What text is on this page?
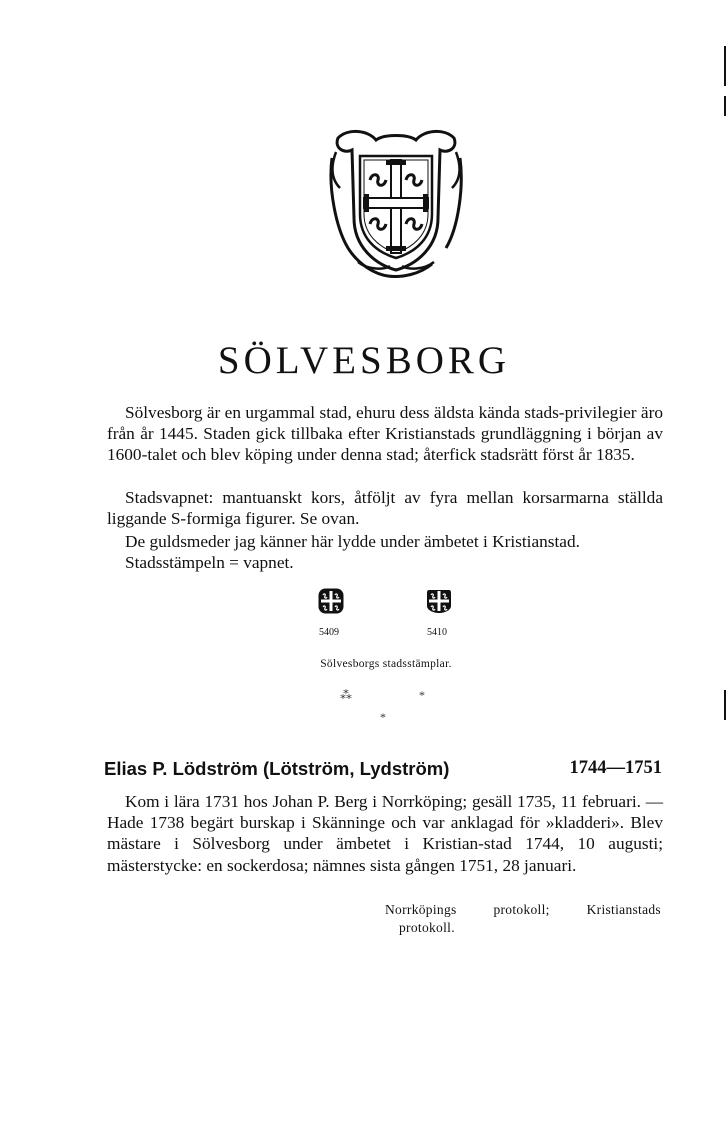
SÖLVESBORG

Sölvesborg är en urgammal stad, ehuru dess äldsta kända stads-privilegier äro från år 1445. Staden gick tillbaka efter Kristianstads grundläggning i början av 1600-talet och blev köping under denna stad; återfick stadsrätt först år 1835.

Stadsvapnet: mantuanskt kors, åtföljt av fyra mellan korsarmarna ställda liggande S-formiga figurer. Se ovan.

De guldsmeder jag känner här lydde under ämbetet i Kristianstad.

Stadsstämpeln = vapnet.

5409	5410
Sölvesborgs stadsstämplar.
⁂	*
*
Elias P. Lödström (Lötström, Lydström)	1744—1751

Kom i lära 1731 hos Johan P. Berg i Norrköping; gesäll 1735, 11 februari. — Hade 1738 begärt burskap i Skänninge och var anklagad för »kladderi». Blev mästare i Sölvesborg under ämbetet i Kristian-stad 1744, 10 augusti; mästerstycke: en sockerdosa; nämnes sista gången 1751, 28 januari.

Norrköpings protokoll; Kristianstads
protokoll.
